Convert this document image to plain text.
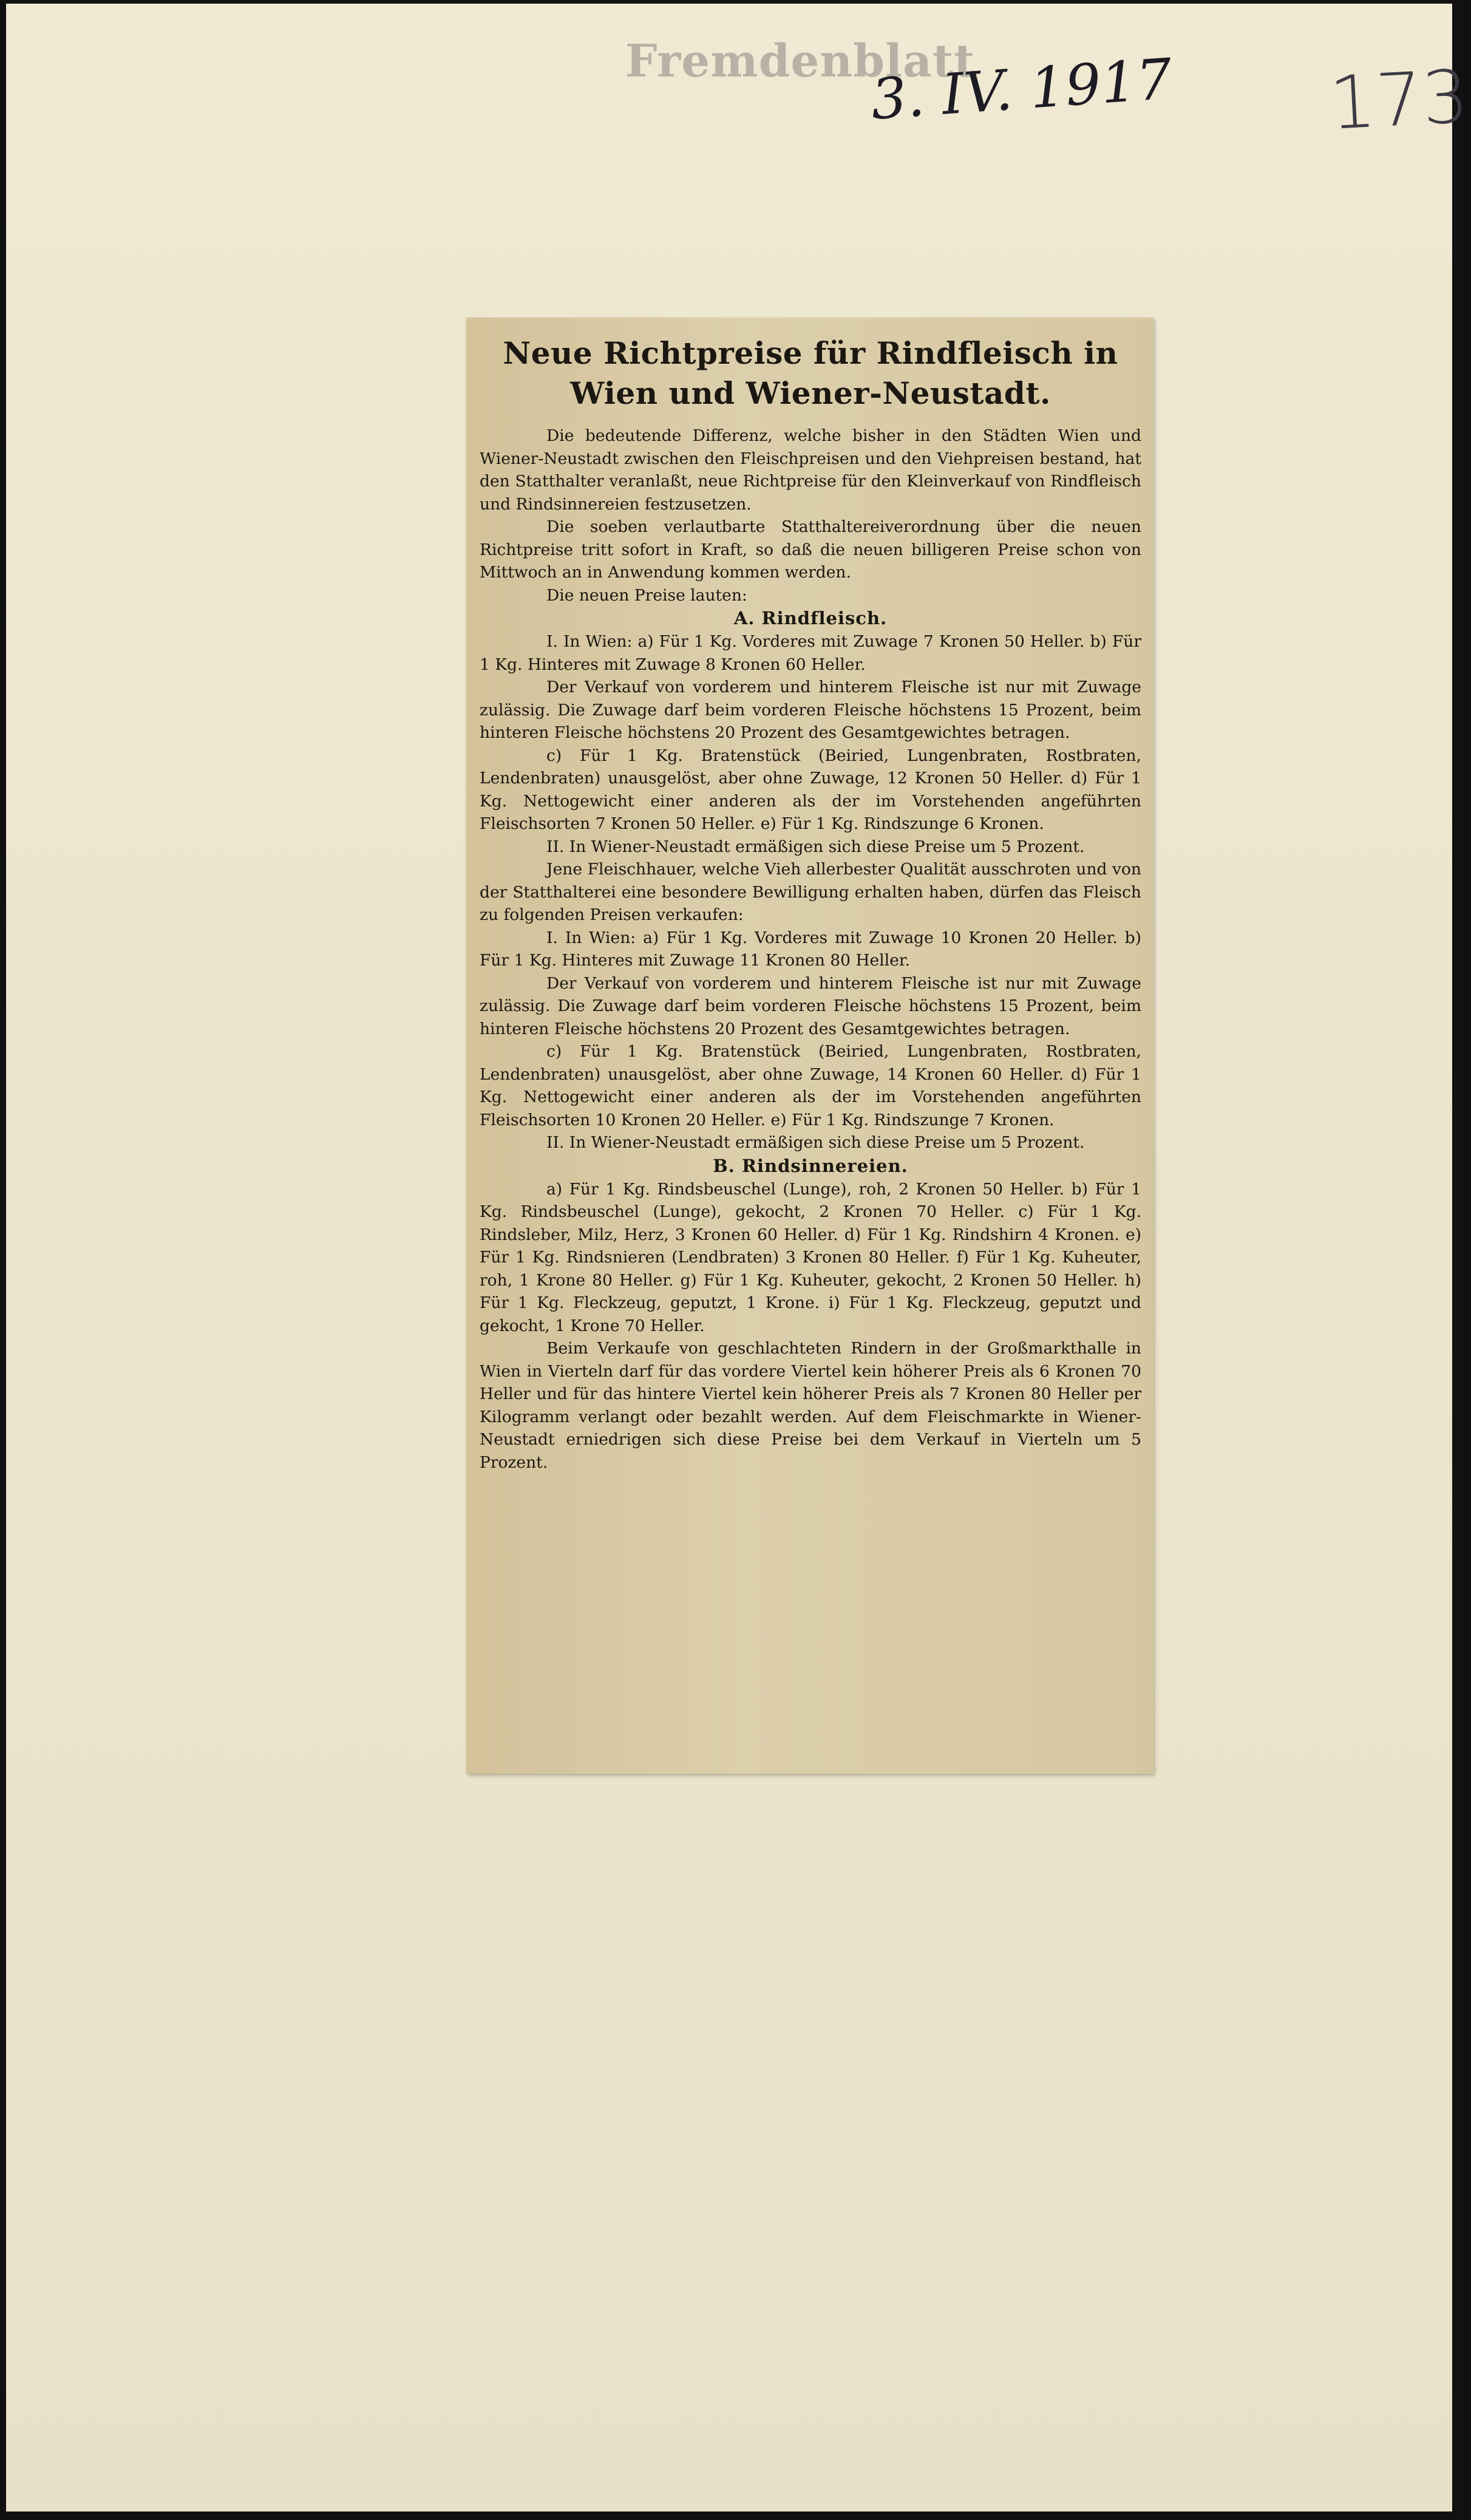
Fremdenblatt
3. IV. 1917 173
Neue Richtpreise für Rindfleisch in Wien und Wiener-Neustadt.

Die bedeutende Differenz, welche bisher in den Städten Wien und Wiener-Neustadt zwischen den Fleischpreisen und den Viehpreisen bestand, hat den Statthalter veranlaßt, neue Richtpreise für den Kleinverkauf von Rindfleisch und Rindsinnereien festzusetzen.

Die soeben verlautbarte Statthaltereiverordnung über die neuen Richtpreise tritt sofort in Kraft, so daß die neuen billigeren Preise schon von Mittwoch an in Anwendung kommen werden.

Die neuen Preise lauten:

A. Rindfleisch.

I. In Wien: a) Für 1 Kg. Vorderes mit Zuwage 7 Kronen 50 Heller. b) Für 1 Kg. Hinteres mit Zuwage 8 Kronen 60 Heller.

Der Verkauf von vorderem und hinterem Fleische ist nur mit Zuwage zulässig. Die Zuwage darf beim vorderen Fleische höchstens 15 Prozent, beim hinteren Fleische höchstens 20 Prozent des Gesamtgewichtes betragen.

c) Für 1 Kg. Bratenstück (Beiried, Lungenbraten, Rostbraten, Lendenbraten) unausgelöst, aber ohne Zuwage, 12 Kronen 50 Heller. d) Für 1 Kg. Nettogewicht einer anderen als der im Vorstehenden angeführten Fleischsorten 7 Kronen 50 Heller. e) Für 1 Kg. Rindszunge 6 Kronen.

II. In Wiener-Neustadt ermäßigen sich diese Preise um 5 Prozent.

Jene Fleischhauer, welche Vieh allerbester Qualität ausschroten und von der Statthalterei eine besondere Bewilligung erhalten haben, dürfen das Fleisch zu folgenden Preisen verkaufen:

I. In Wien: a) Für 1 Kg. Vorderes mit Zuwage 10 Kronen 20 Heller. b) Für 1 Kg. Hinteres mit Zuwage 11 Kronen 80 Heller.

Der Verkauf von vorderem und hinterem Fleische ist nur mit Zuwage zulässig. Die Zuwage darf beim vorderen Fleische höchstens 15 Prozent, beim hinteren Fleische höchstens 20 Prozent des Gesamtgewichtes betragen.

c) Für 1 Kg. Bratenstück (Beiried, Lungenbraten, Rostbraten, Lendenbraten) unausgelöst, aber ohne Zuwage, 14 Kronen 60 Heller. d) Für 1 Kg. Nettogewicht einer anderen als der im Vorstehenden angeführten Fleischsorten 10 Kronen 20 Heller. e) Für 1 Kg. Rindszunge 7 Kronen.

II. In Wiener-Neustadt ermäßigen sich diese Preise um 5 Prozent.

B. Rindsinnereien.

a) Für 1 Kg. Rindsbeuschel (Lunge), roh, 2 Kronen 50 Heller. b) Für 1 Kg. Rindsbeuschel (Lunge), gekocht, 2 Kronen 70 Heller. c) Für 1 Kg. Rindsleber, Milz, Herz, 3 Kronen 60 Heller. d) Für 1 Kg. Rindshirn 4 Kronen. e) Für 1 Kg. Rindsnieren (Lendbraten) 3 Kronen 80 Heller. f) Für 1 Kg. Kuheuter, roh, 1 Krone 80 Heller. g) Für 1 Kg. Kuheuter, gekocht, 2 Kronen 50 Heller. h) Für 1 Kg. Fleckzeug, geputzt, 1 Krone. i) Für 1 Kg. Fleckzeug, geputzt und gekocht, 1 Krone 70 Heller.

Beim Verkaufe von geschlachteten Rindern in der Großmarkthalle in Wien in Vierteln darf für das vordere Viertel kein höherer Preis als 6 Kronen 70 Heller und für das hintere Viertel kein höherer Preis als 7 Kronen 80 Heller per Kilogramm verlangt oder bezahlt werden. Auf dem Fleischmarkte in Wiener-Neustadt erniedrigen sich diese Preise bei dem Verkauf in Vierteln um 5 Prozent.
